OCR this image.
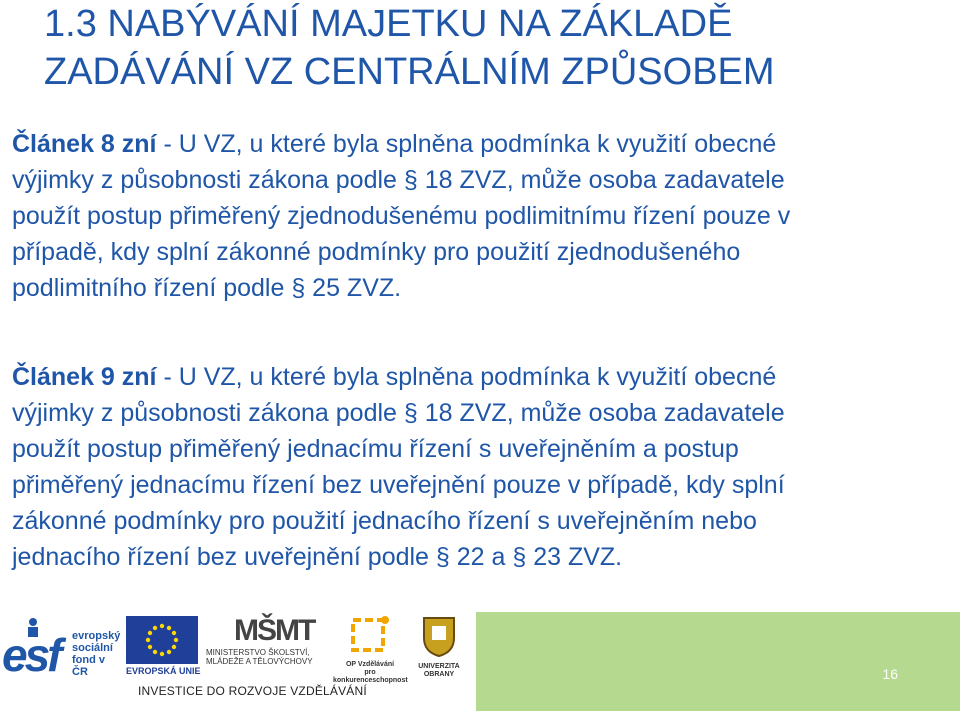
1.3 NABÝVÁNÍ MAJETKU NA ZÁKLADĚ
ZADÁVÁNÍ VZ CENTRÁLNÍM ZPŮSOBEM

Článek 8 zní - U VZ, u které byla splněna podmínka k využití obecné
výjimky z působnosti zákona podle § 18 ZVZ, může osoba zadavatele
použít postup přiměřený zjednodušenému podlimitnímu řízení pouze v
případě, kdy splní zákonné podmínky pro použití zjednodušeného
podlimitního řízení podle § 25 ZVZ.

Článek 9 zní - U VZ, u které byla splněna podmínka k využití obecné
výjimky z působnosti zákona podle § 18 ZVZ, může osoba zadavatele
použít postup přiměřený jednacímu řízení s uveřejněním a postup
přiměřený jednacímu řízení bez uveřejnění pouze v případě, kdy splní
zákonné podmínky pro použití jednacího řízení s uveřejněním nebo
jednacího řízení bez uveřejnění podle § 22 a § 23 ZVZ.

esf evropský
sociální
fond v ČR	EVROPSKÁ UNIE
MŠMT
MINISTERSTVO ŠKOLSTVÍ,
MLÁDEŽE A TĚLOVÝCHOVY	OP Vzdělávání
pro konkurenceschopnost
UNIVERZITA
OBRANY
INVESTICE DO ROZVOJE VZDĚLÁVÁNÍ
16
